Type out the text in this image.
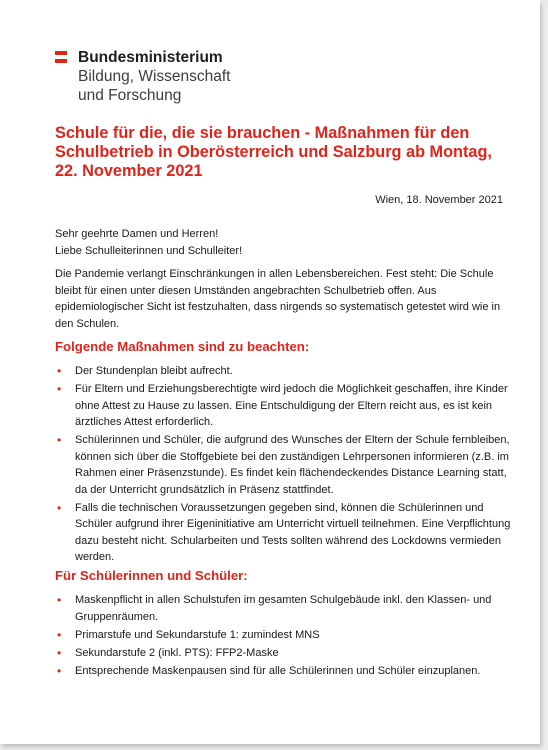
Bundesministerium
Bildung, Wissenschaft
und Forschung
Schule für die, die sie brauchen - Maßnahmen für den Schulbetrieb in Oberösterreich und Salzburg ab Montag, 22. November 2021
Wien, 18. November 2021
Sehr geehrte Damen und Herren!
Liebe Schulleiterinnen und Schulleiter!
Die Pandemie verlangt Einschränkungen in allen Lebensbereichen. Fest steht: Die Schule bleibt für einen unter diesen Umständen angebrachten Schulbetrieb offen. Aus epidemiologischer Sicht ist festzuhalten, dass nirgends so systematisch getestet wird wie in den Schulen.
Folgende Maßnahmen sind zu beachten:
• Der Stundenplan bleibt aufrecht.
• Für Eltern und Erziehungsberechtigte wird jedoch die Möglichkeit geschaffen, ihre Kinder ohne Attest zu Hause zu lassen. Eine Entschuldigung der Eltern reicht aus, es ist kein ärztliches Attest erforderlich.
• Schülerinnen und Schüler, die aufgrund des Wunsches der Eltern der Schule fernbleiben, können sich über die Stoffgebiete bei den zuständigen Lehrpersonen informieren (z.B. im Rahmen einer Präsenzstunde). Es findet kein flächendeckendes Distance Learning statt, da der Unterricht grundsätzlich in Präsenz stattfindet.
• Falls die technischen Voraussetzungen gegeben sind, können die Schülerinnen und Schüler aufgrund ihrer Eigeninitiative am Unterricht virtuell teilnehmen. Eine Verpflichtung dazu besteht nicht. Schularbeiten und Tests sollten während des Lockdowns vermieden werden.
Für Schülerinnen und Schüler:
• Maskenpflicht in allen Schulstufen im gesamten Schulgebäude inkl. den Klassen- und Gruppenräumen.
• Primarstufe und Sekundarstufe 1: zumindest MNS
• Sekundarstufe 2 (inkl. PTS): FFP2-Maske
• Entsprechende Maskenpausen sind für alle Schülerinnen und Schüler einzuplanen.
